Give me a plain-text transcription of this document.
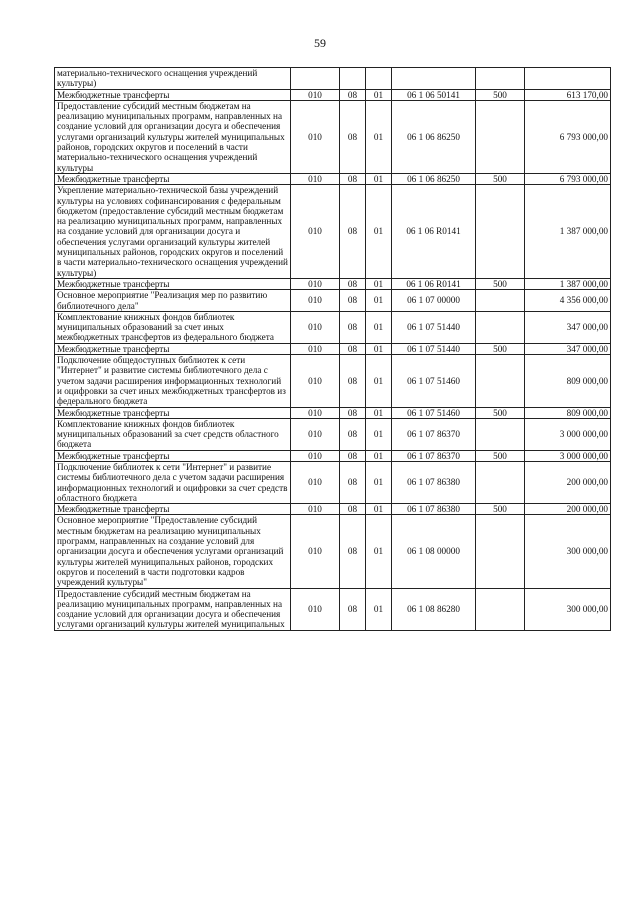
59
материально-технического оснащения учреждений культуры)						
Межбюджетные трансферты	010	08	01	06 1 06 50141	500	613 170,00
Предоставление субсидий местным бюджетам на реализацию муниципальных программ, направленных на создание условий для организации досуга и обеспечения услугами организаций культуры жителей муниципальных районов, городских округов и поселений в части материально-технического оснащения учреждений культуры	010	08	01	06 1 06 86250		6 793 000,00
Межбюджетные трансферты	010	08	01	06 1 06 86250	500	6 793 000,00
Укрепление материально-технической базы учреждений культуры на условиях софинансирования с федеральным бюджетом (предоставление субсидий местным бюджетам на реализацию муниципальных программ, направленных на создание условий для организации досуга и обеспечения услугами организаций культуры жителей муниципальных районов, городских округов и поселений в части материально-технического оснащения учреждений культуры)	010	08	01	06 1 06 R0141		1 387 000,00
Межбюджетные трансферты	010	08	01	06 1 06 R0141	500	1 387 000,00
Основное мероприятие "Реализация мер по развитию библиотечного дела"	010	08	01	06 1 07 00000		4 356 000,00
Комплектование книжных фондов библиотек муниципальных образований за счет иных межбюджетных трансфертов из федерального бюджета	010	08	01	06 1 07 51440		347 000,00
Межбюджетные трансферты	010	08	01	06 1 07 51440	500	347 000,00
Подключение общедоступных библиотек к сети "Интернет" и развитие системы библиотечного дела с учетом задачи расширения информационных технологий и оцифровки за счет иных межбюджетных трансфертов из федерального бюджета	010	08	01	06 1 07 51460		809 000,00
Межбюджетные трансферты	010	08	01	06 1 07 51460	500	809 000,00
Комплектование книжных фондов библиотек муниципальных образований за счет средств областного бюджета	010	08	01	06 1 07 86370		3 000 000,00
Межбюджетные трансферты	010	08	01	06 1 07 86370	500	3 000 000,00
Подключение библиотек к сети "Интернет" и развитие системы библиотечного дела с учетом задачи расширения информационных технологий и оцифровки за счет средств областного бюджета	010	08	01	06 1 07 86380		200 000,00
Межбюджетные трансферты	010	08	01	06 1 07 86380	500	200 000,00
Основное мероприятие "Предоставление субсидий местным бюджетам на реализацию муниципальных программ, направленных на создание условий для организации досуга и обеспечения услугами организаций культуры жителей муниципальных районов, городских округов и поселений в части подготовки кадров учреждений культуры"	010	08	01	06 1 08 00000		300 000,00
Предоставление субсидий местным бюджетам на реализацию муниципальных программ, направленных на создание условий для организации досуга и обеспечения услугами организаций культуры жителей муниципальных	010	08	01	06 1 08 86280		300 000,00
